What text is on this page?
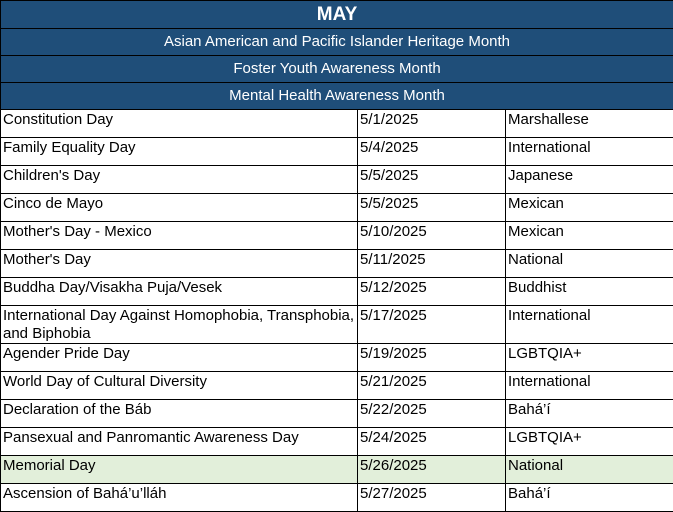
MAY		
Asian American and Pacific Islander Heritage Month		
Foster Youth Awareness Month		
Mental Health Awareness Month		
Constitution Day	5/1/2025	Marshallese
Family Equality Day	5/4/2025	International
Children's Day	5/5/2025	Japanese
Cinco de Mayo	5/5/2025	Mexican
Mother's Day - Mexico	5/10/2025	Mexican
Mother's Day	5/11/2025	National
Buddha Day/Visakha Puja/Vesek	5/12/2025	Buddhist
International Day Against Homophobia, Transphobia, and Biphobia	5/17/2025	International
Agender Pride Day	5/19/2025	LGBTQIA+
World Day of Cultural Diversity	5/21/2025	International
Declaration of the Báb	5/22/2025	Bahá’í
Pansexual and Panromantic Awareness Day	5/24/2025	LGBTQIA+
Memorial Day	5/26/2025	National
Ascension of Bahá’u’lláh	5/27/2025	Bahá’í
